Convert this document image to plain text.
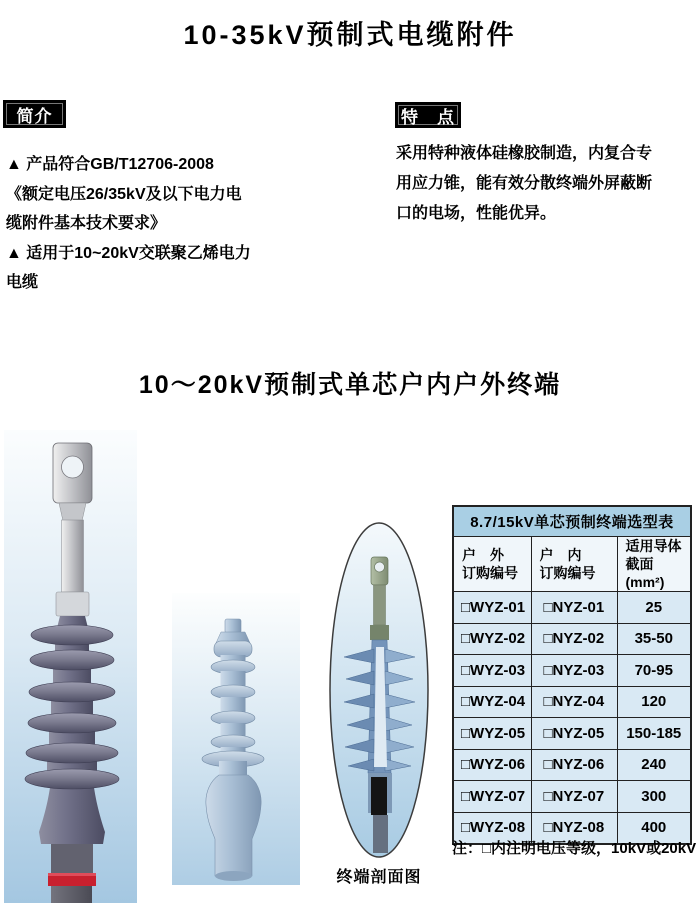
10-35kV预制式电缆附件
简介
▲ 产品符合GB/T12706-2008
《额定电压26/35kV及以下电力电
缆附件基本技术要求》
▲ 适用于10~20kV交联聚乙烯电力
电缆
特　点
采用特种液体硅橡胶制造，内复合专
用应力锥，能有效分散终端外屏蔽断
口的电场，性能优异。
10～20kV预制式单芯户内户外终端
终端剖面图
8.7/15kV单芯预制终端选型表		
户　外
订购编号	户　内
订购编号	适用导体
截面(mm²)

□WYZ-01	□NYZ-01	25
□WYZ-02	□NYZ-02	35-50
□WYZ-03	□NYZ-03	70-95
□WYZ-04	□NYZ-04	120
□WYZ-05	□NYZ-05	150-185
□WYZ-06	□NYZ-06	240
□WYZ-07	□NYZ-07	300
□WYZ-08	□NYZ-08	400
注：□内注明电压等级，10kV或20kV
